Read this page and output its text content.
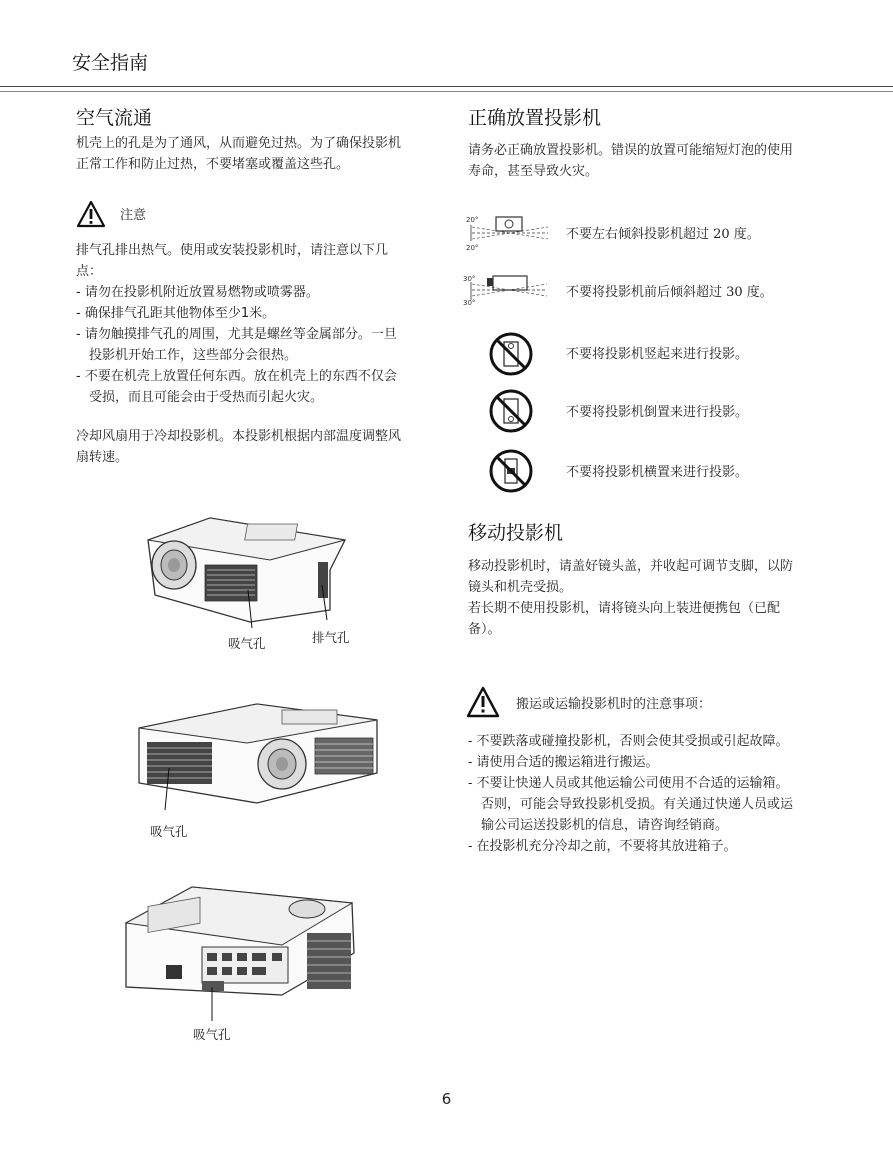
安全指南
空气流通
机壳上的孔是为了通风，从而避免过热。为了确保投影机
正常工作和防止过热，不要堵塞或覆盖这些孔。
注意
排气孔排出热气。使用或安装投影机时，请注意以下几
点：
- 请勿在投影机附近放置易燃物或喷雾器。
- 确保排气孔距其他物体至少1米。
- 请勿触摸排气孔的周围，尤其是螺丝等金属部分。一旦
投影机开始工作，这些部分会很热。
- 不要在机壳上放置任何东西。放在机壳上的东西不仅会
受损，而且可能会由于受热而引起火灾。
冷却风扇用于冷却投影机。本投影机根据内部温度调整风
扇转速。
吸气孔	排气孔
吸气孔
吸气孔
正确放置投影机
请务必正确放置投影机。错误的放置可能缩短灯泡的使用
寿命，甚至导致火灾。
20°
20°
不要左右倾斜投影机超过 20 度。
30°
30°
不要将投影机前后倾斜超过 30 度。
不要将投影机竖起来进行投影。
不要将投影机倒置来进行投影。
不要将投影机横置来进行投影。
移动投影机
移动投影机时，请盖好镜头盖，并收起可调节支脚，以防
镜头和机壳受损。
若长期不使用投影机，请将镜头向上装进便携包（已配
备）。
搬运或运输投影机时的注意事项：
- 不要跌落或碰撞投影机，否则会使其受损或引起故障。
- 请使用合适的搬运箱进行搬运。
- 不要让快递人员或其他运输公司使用不合适的运输箱。
否则，可能会导致投影机受损。有关通过快递人员或运
输公司运送投影机的信息，请咨询经销商。
- 在投影机充分冷却之前，不要将其放进箱子。
6
